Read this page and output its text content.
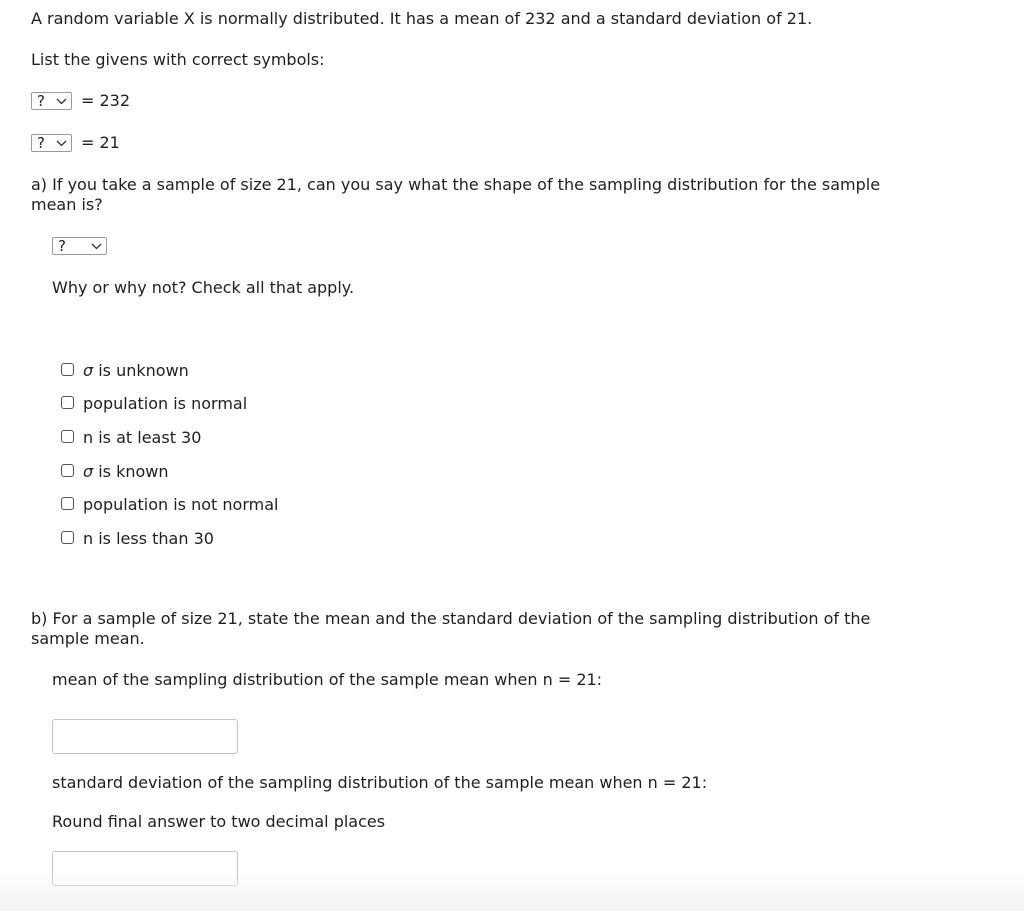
A random variable X is normally distributed. It has a mean of 232 and a standard deviation of 21.
List the givens with correct symbols:
? = 232
? = 21
a) If you take a sample of size 21, can you say what the shape of the sampling distribution for the sample
mean is?
?
Why or why not? Check all that apply.
σ is unknown
population is normal
n is at least 30
σ is known
population is not normal
n is less than 30
b) For a sample of size 21, state the mean and the standard deviation of the sampling distribution of the
sample mean.
mean of the sampling distribution of the sample mean when n = 21:
standard deviation of the sampling distribution of the sample mean when n = 21:
Round final answer to two decimal places
